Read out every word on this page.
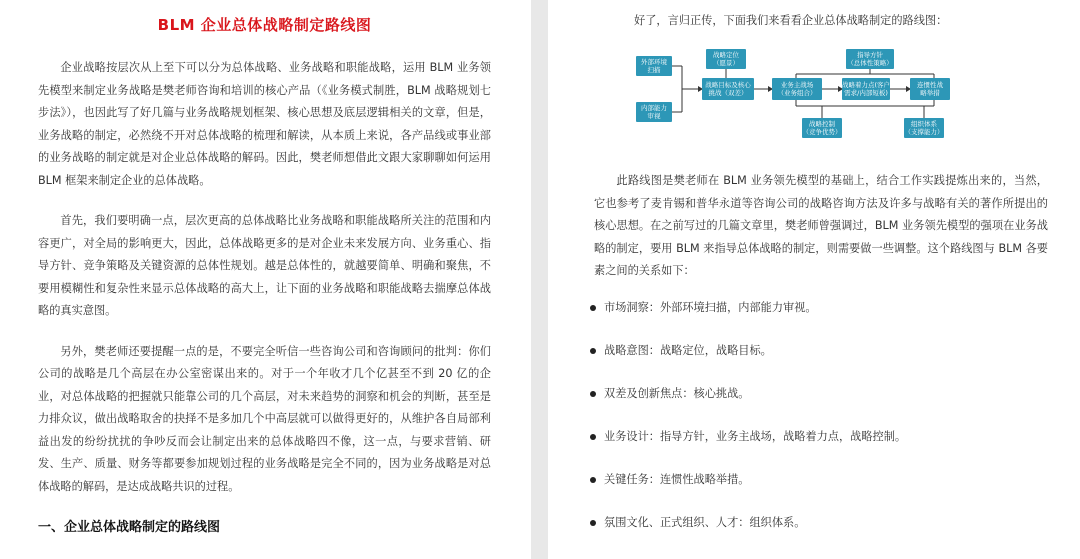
BLM 企业总体战略制定路线图

企业战略按层次从上至下可以分为总体战略、业务战略和职能战略，运用 BLM 业务领先模型来制定业务战略是樊老师咨询和培训的核心产品（《业务模式制胜，BLM 战略规划七步法》），也因此写了好几篇与业务战略规划框架、核心思想及底层逻辑相关的文章，但是，业务战略的制定，必然绕不开对总体战略的梳理和解读，从本质上来说，各产品线或事业部的业务战略的制定就是对企业总体战略的解码。因此，樊老师想借此文跟大家聊聊如何运用 BLM 框架来制定企业的总体战略。

首先，我们要明确一点，层次更高的总体战略比业务战略和职能战略所关注的范围和内容更广，对全局的影响更大，因此，总体战略更多的是对企业未来发展方向、业务重心、指导方针、竞争策略及关键资源的总体性规划。越是总体性的，就越要简单、明确和聚焦，不要用模糊性和复杂性来显示总体战略的高大上，让下面的业务战略和职能战略去揣摩总体战略的真实意图。

另外，樊老师还要提醒一点的是，不要完全听信一些咨询公司和咨询顾问的批判：你们公司的战略是几个高层在办公室密谋出来的。对于一个年收才几个亿甚至不到 20 亿的企业，对总体战略的把握就只能靠公司的几个高层，对未来趋势的洞察和机会的判断，甚至是力排众议，做出战略取舍的抉择不是多加几个中高层就可以做得更好的，从维护各自局部利益出发的纷纷扰扰的争吵反而会让制定出来的总体战略四不像，这一点，与要求营销、研发、生产、质量、财务等都要参加规划过程的业务战略是完全不同的，因为业务战略是对总体战略的解码，是达成战略共识的过程。

一、企业总体战略制定的路线图

好了，言归正传，下面我们来看看企业总体战略制定的路线图：

外部环境
扫描
内部能力
审视
战略定位
（愿景）
战略目标及核心
挑战（双差）
业务主战场
（业务组合）
战略着力点(客户
需求/内部短板)
连惯性战
略举措
指导方针
（总体性策略）
战略控制
（竞争优势）
组织体系
（支撑能力）

此路线图是樊老师在 BLM 业务领先模型的基础上，结合工作实践提炼出来的，当然，它也参考了麦肯锡和普华永道等咨询公司的战略咨询方法及许多与战略有关的著作所提出的核心思想。在之前写过的几篇文章里，樊老师曾强调过，BLM 业务领先模型的强项在业务战略的制定，要用 BLM 来指导总体战略的制定，则需要做一些调整。这个路线图与 BLM 各要素之间的关系如下：

市场洞察：外部环境扫描，内部能力审视。
战略意图：战略定位，战略目标。
双差及创新焦点：核心挑战。
业务设计：指导方针，业务主战场，战略着力点，战略控制。
关键任务：连惯性战略举措。
氛围文化、正式组织、人才：组织体系。
